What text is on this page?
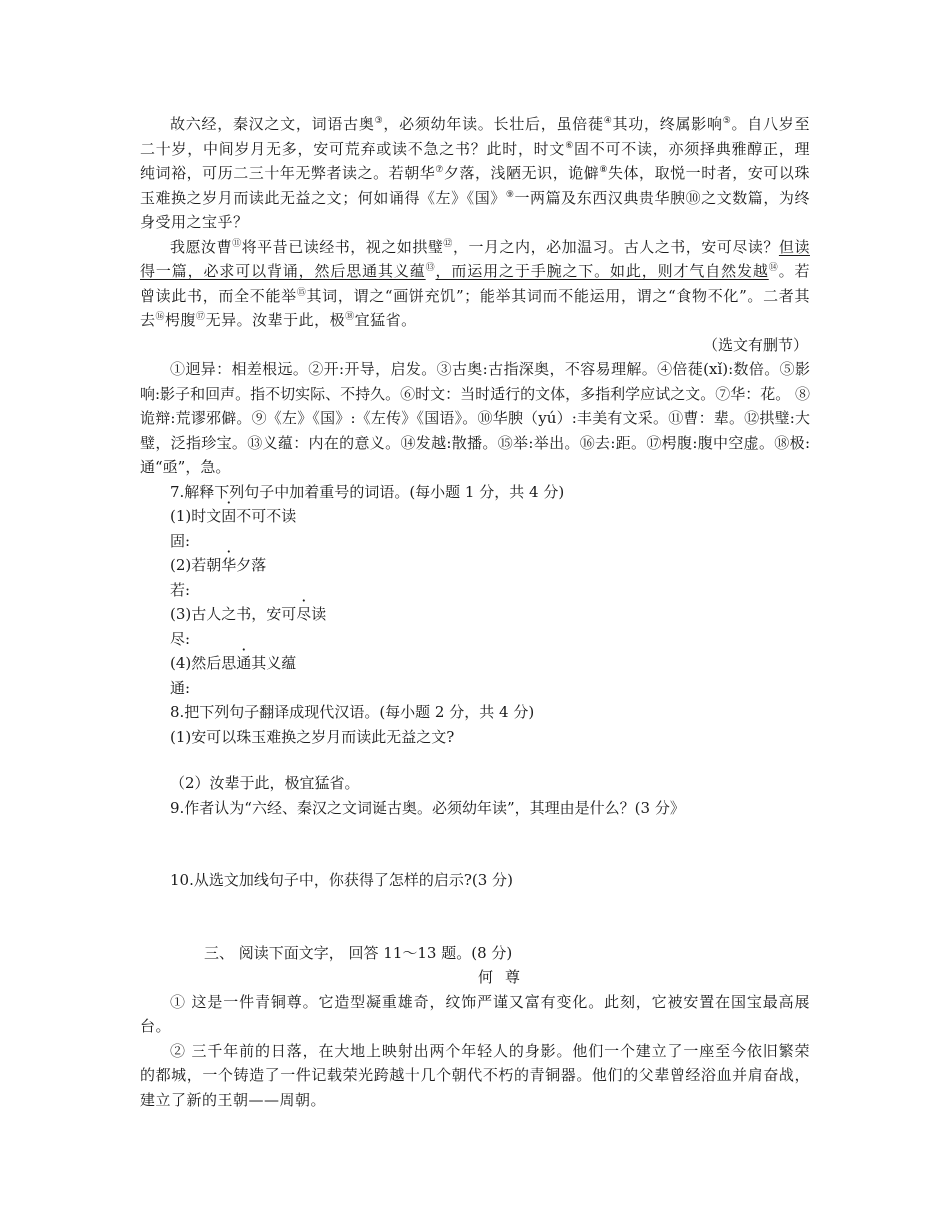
故六经，秦汉之文，词语古奥③，必须幼年读。长壮后，虽倍蓰④其功，终属影响⑤。自八岁至二十岁，中间岁月无多，安可荒弃或读不急之书？此时，时文⑥固不可不读，亦须择典雅醇正，理纯词裕，可历二三十年无弊者读之。若朝华⑦夕落，浅陋无识，诡僻⑧失体，取悦一时者，安可以珠玉难换之岁月而读此无益之文；何如诵得《左》《国》⑨一两篇及东西汉典贵华腴⑩之文数篇，为终身受用之宝乎？

我愿汝曹⑪将平昔已读经书，视之如拱璧⑫，一月之内，必加温习。古人之书，安可尽读？但读得一篇，必求可以背诵，然后思通其义蕴⑬，而运用之于手腕之下。如此，则才气自然发越⑭。若曾读此书，而全不能举⑮其词，谓之“画饼充饥”；能举其词而不能运用，谓之“食物不化”。二者其去⑯枵腹⑰无异。汝辈于此，极⑱宜猛省。

（选文有删节）

①迥异：相差根远。②开:开导，启发。③古奥:古指深奥，不容易理解。④倍蓰(xǐ):数倍。⑤影响:影子和回声。指不切实际、不持久。⑥时文：当时适行的文体，多指利学应试之文。⑦华：花。 ⑧诡辩:荒谬邪僻。⑨《左》《国》:《左传》《国语》。⑩华腴（yú）:丰美有文采。⑪曹：辈。⑫拱璧:大璧，泛指珍宝。⑬义蕴：内在的意义。⑭发越:散播。⑮举:举出。⑯去:距。⑰枵腹:腹中空虚。⑱极:通“亟”，急。

7.解释下列句子中加着重号的词语。(每小题 1 分，共 4 分)

(1)时文固不可不读

固:

(2)若朝华夕落

若:

(3)古人之书，安可尽读

尽:

(4)然后思通其义蕴

通:

8.把下列句子翻译成现代汉语。(每小题 2 分，共 4 分)

(1)安可以珠玉难换之岁月而读此无益之文?

（2）汝辈于此，极宜猛省。

9.作者认为“六经、秦汉之文词诞古奥。必须幼年读”，其理由是什么？(3 分》

10.从选文加线句子中，你获得了怎样的启示?(3 分)

三、 阅读下面文字， 回答 11～13 题。(8 分)

何尊

① 这是一件青铜尊。它造型凝重雄奇，纹饰严谨又富有变化。此刻，它被安置在国宝最高展台。

② 三千年前的日落，在大地上映射出两个年轻人的身影。他们一个建立了一座至今依旧繁荣的都城，一个铸造了一件记载荣光跨越十几个朝代不朽的青铜器。他们的父辈曾经浴血并肩奋战，建立了新的王朝——周朝。
